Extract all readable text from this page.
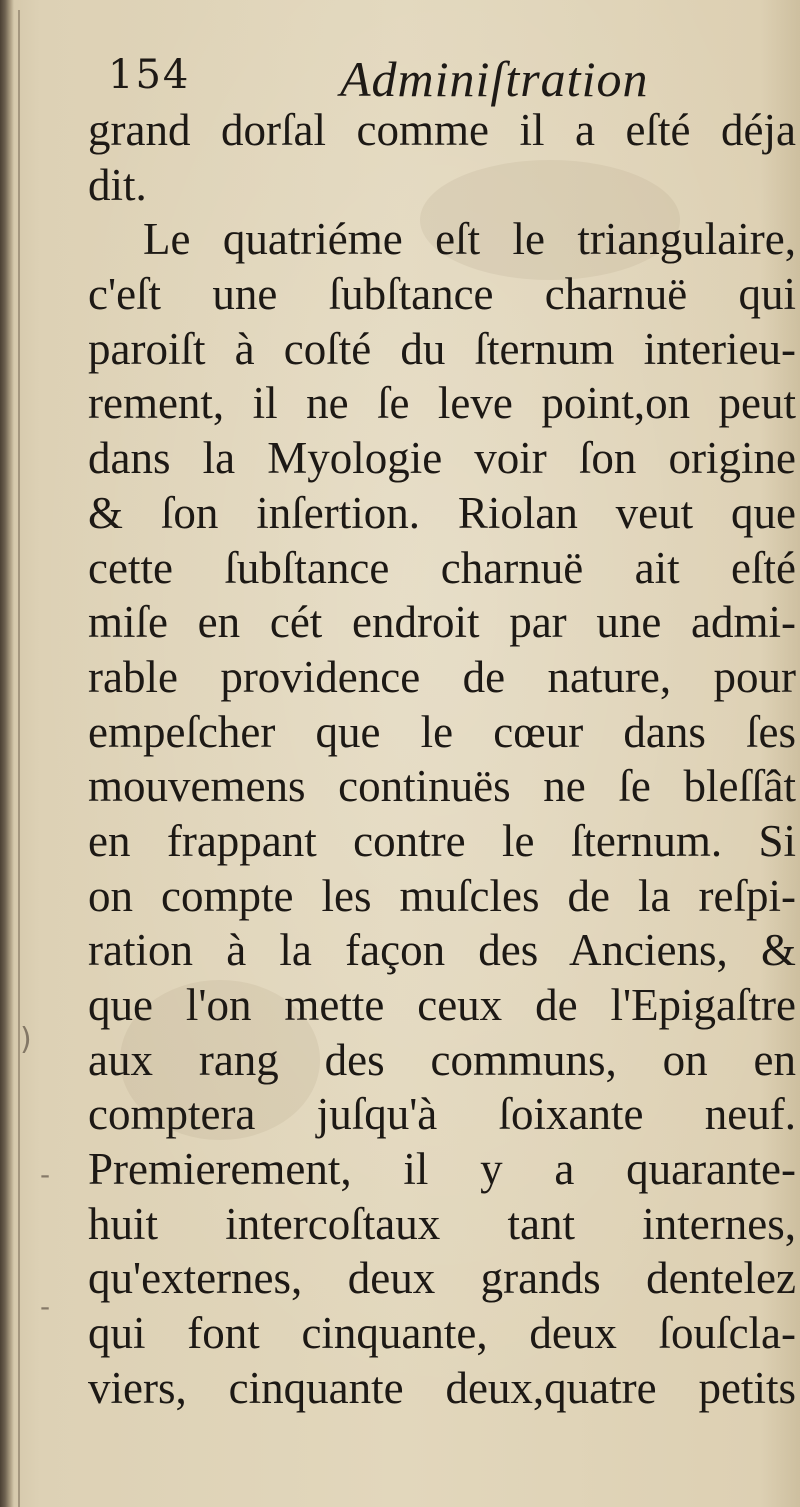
154	Adminiſtration
grand dorſal comme il a eſté déja
dit.
Le quatriéme eſt le triangulaire,
c'eſt une ſubſtance charnuë qui
paroiſt à coſté du ſternum interieu-
rement, il ne ſe leve point,on peut
dans la Myologie voir ſon origine
& ſon inſertion. Riolan veut que
cette ſubſtance charnuë ait eſté
miſe en cét endroit par une admi-
rable providence de nature, pour
empeſcher que le cœur dans ſes
mouvemens continuës ne ſe bleſſât
en frappant contre le ſternum. Si
on compte les muſcles de la reſpi-
ration à la façon des Anciens, &
que l'on mette ceux de l'Epigaſtre
aux rang des communs, on en
comptera juſqu'à ſoixante neuf.
Premierement, il y a quarante-
huit intercoſtaux tant internes,
qu'externes, deux grands dentelez
qui font cinquante, deux ſouſcla-
viers, cinquante deux,quatre petits
)
-
-
